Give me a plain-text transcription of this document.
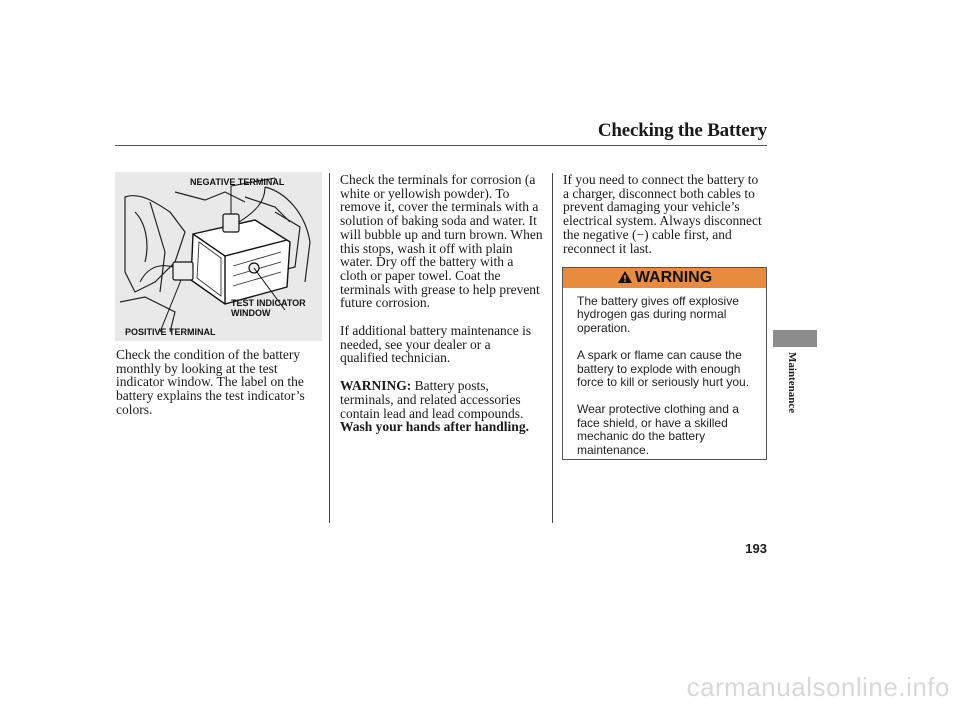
Checking the Battery
Maintenance
NEGATIVE TERMINAL
TEST INDICATOR
WINDOW
POSITIVE TERMINAL
Check the condition of the battery
monthly by looking at the test
indicator window. The label on the
battery explains the test indicator’s
colors.
Check the terminals for corrosion (a
white or yellowish powder). To
remove it, cover the terminals with a
solution of baking soda and water. It
will bubble up and turn brown. When
this stops, wash it off with plain
water. Dry off the battery with a
cloth or paper towel. Coat the
terminals with grease to help prevent
future corrosion.
If additional battery maintenance is
needed, see your dealer or a
qualified technician.
WARNING: Battery posts,
terminals, and related accessories
contain lead and lead compounds.
Wash your hands after handling.
If you need to connect the battery to
a charger, disconnect both cables to
prevent damaging your vehicle’s
electrical system. Always disconnect
the negative (−) cable first, and
reconnect it last.
WARNING

The battery gives off explosive
hydrogen gas during normal
operation.

A spark or flame can cause the
battery to explode with enough
force to kill or seriously hurt you.

Wear protective clothing and a
face shield, or have a skilled
mechanic do the battery
maintenance.

193
carmanualsonline.info
